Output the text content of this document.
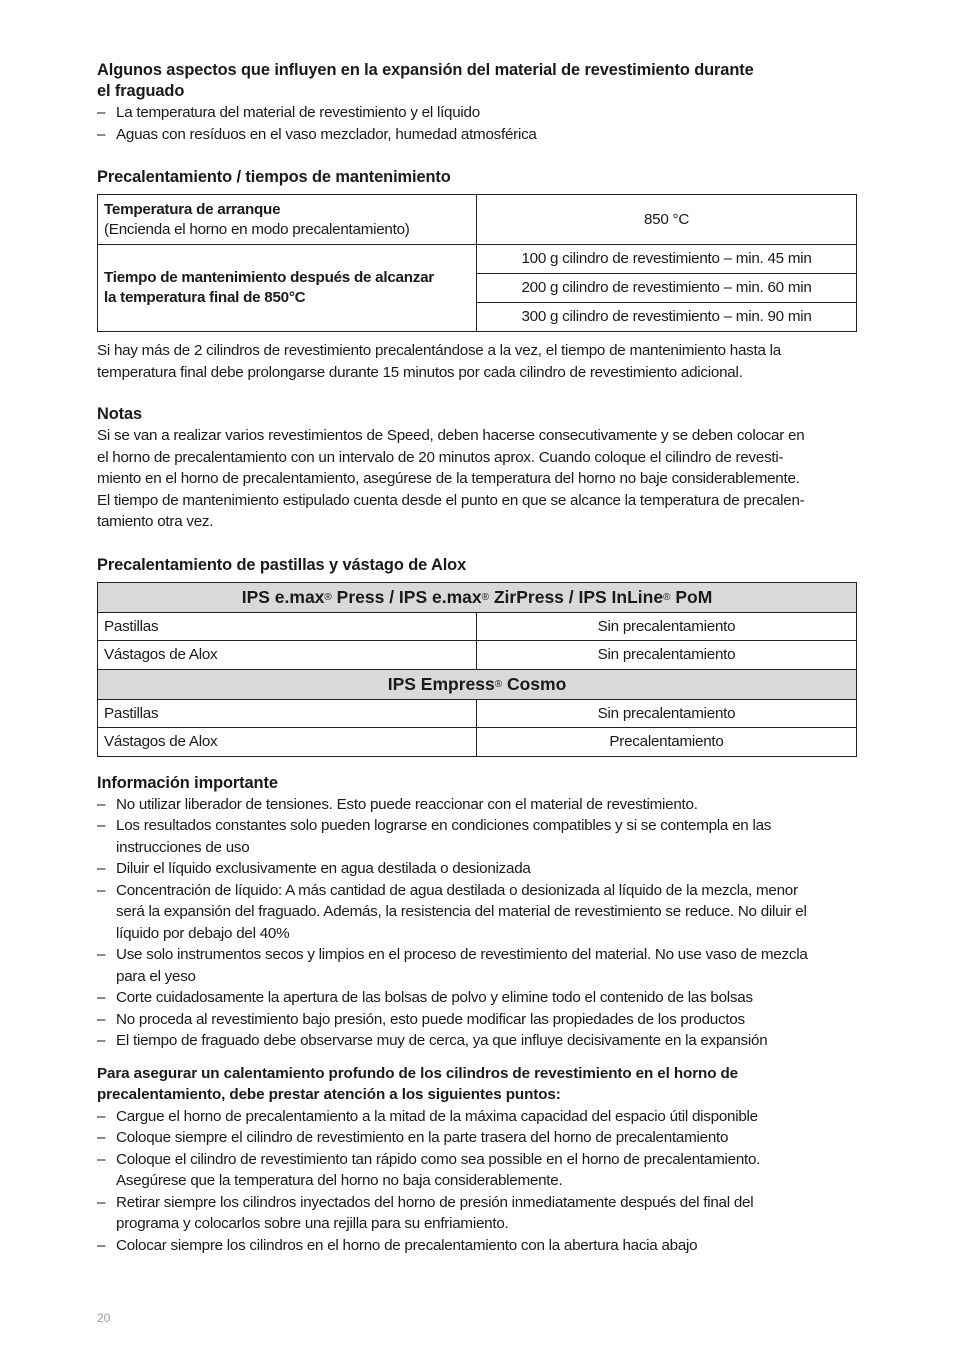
Algunos aspectos que influyen en la expansión del material de revestimiento durante
el fraguado
– La temperatura del material de revestimiento y el líquido
– Aguas con resíduos en el vaso mezclador, humedad atmosférica
Precalentamiento / tiempos de mantenimiento
Temperatura de arranque
(Encienda el horno en modo precalentamiento)	850 °C
Tiempo de mantenimiento después de alcanzar
la temperatura final de 850°C	100 g cilindro de revestimiento – min. 45 min
	200 g cilindro de revestimiento – min. 60 min
	300 g cilindro de revestimiento – min. 90 min

Si hay más de 2 cilindros de revestimiento precalentándose a la vez, el tiempo de mantenimiento hasta la
temperatura final debe prolongarse durante 15 minutos por cada cilindro de revestimiento adicional.

Notas

Si se van a realizar varios revestimientos de Speed, deben hacerse consecutivamente y se deben colocar en
el horno de precalentamiento con un intervalo de 20 minutos aprox. Cuando coloque el cilindro de revesti-
miento en el horno de precalentamiento, asegúrese de la temperatura del horno no baje considerablemente.
El tiempo de mantenimiento estipulado cuenta desde el punto en que se alcance la temperatura de precalen-
tamiento otra vez.

Precalentamiento de pastillas y vástago de Alox
IPS e.max® Press / IPS e.max® ZirPress / IPS InLine® PoM	
Pastillas	Sin precalentamiento
Vástagos de Alox	Sin precalentamiento
IPS Empress® Cosmo	
Pastillas	Sin precalentamiento
Vástagos de Alox	Precalentamiento
Información importante
– No utilizar liberador de tensiones. Esto puede reaccionar con el material de revestimiento.
– Los resultados constantes solo pueden lograrse en condiciones compatibles y si se contempla en las
instrucciones de uso
– Diluir el líquido exclusivamente en agua destilada o desionizada
– Concentración de líquido: A más cantidad de agua destilada o desionizada al líquido de la mezcla, menor
será la expansión del fraguado. Además, la resistencia del material de revestimiento se reduce. No diluir el
líquido por debajo del 40%
– Use solo instrumentos secos y limpios en el proceso de revestimiento del material. No use vaso de mezcla
para el yeso
– Corte cuidadosamente la apertura de las bolsas de polvo y elimine todo el contenido de las bolsas
– No proceda al revestimiento bajo presión, esto puede modificar las propiedades de los productos
– El tiempo de fraguado debe observarse muy de cerca, ya que influye decisivamente en la expansión

Para asegurar un calentamiento profundo de los cilindros de revestimiento en el horno de
precalentamiento, debe prestar atención a los siguientes puntos:

– Cargue el horno de precalentamiento a la mitad de la máxima capacidad del espacio útil disponible
– Coloque siempre el cilindro de revestimiento en la parte trasera del horno de precalentamiento
– Coloque el cilindro de revestimiento tan rápido como sea possible en el horno de precalentamiento.
Asegúrese que la temperatura del horno no baja considerablemente.
– Retirar siempre los cilindros inyectados del horno de presión inmediatamente después del final del
programa y colocarlos sobre una rejilla para su enfriamiento.
– Colocar siempre los cilindros en el horno de precalentamiento con la abertura hacia abajo
20
